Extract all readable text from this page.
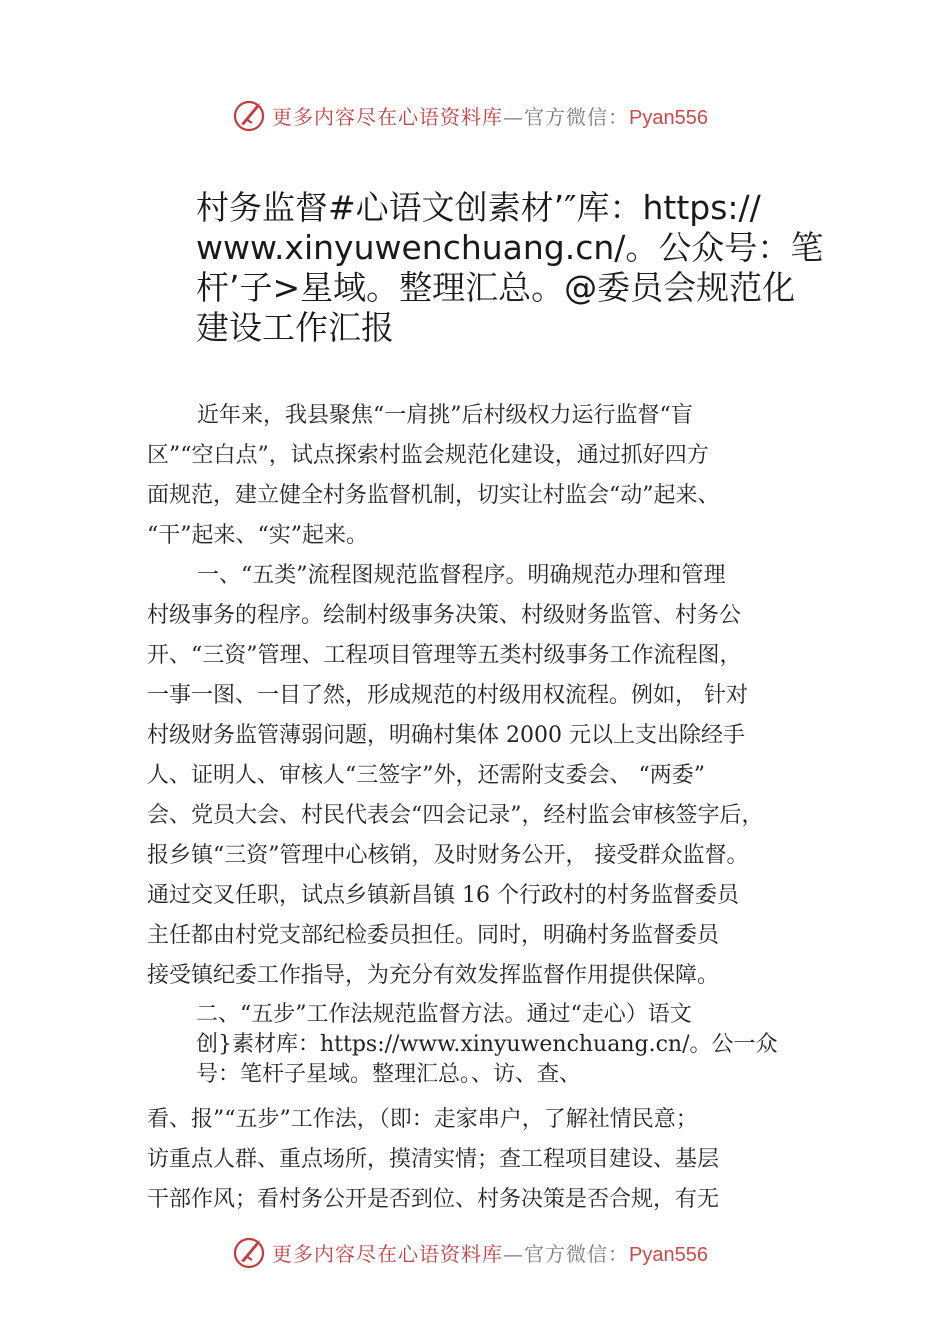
更多内容尽在心语资料库—官方微信：Pyan556
村务监督#心语文创素材’″库：https://
www.xinyuwenchuang.cn/。公众号：笔
杆’子>星域。整理汇总。@委员会规范化
建设工作汇报
近年来，我县聚焦“一肩挑”后村级权力运行监督“盲
区”“空白点”，试点探索村监会规范化建设，通过抓好四方
面规范，建立健全村务监督机制，切实让村监会“动”起来、
“干”起来、“实”起来。
一、“五类”流程图规范监督程序。明确规范办理和管理
村级事务的程序。绘制村级事务决策、村级财务监管、村务公
开、“三资”管理、工程项目管理等五类村级事务工作流程图，
一事一图、一目了然，形成规范的村级用权流程。例如， 针对
村级财务监管薄弱问题，明确村集体 2000 元以上支出除经手
人、证明人、审核人“三签字”外，还需附支委会、 “两委”
会、党员大会、村民代表会“四会记录”，经村监会审核签字后，
报乡镇“三资”管理中心核销，及时财务公开， 接受群众监督。
通过交叉任职，试点乡镇新昌镇 16 个行政村的村务监督委员
主任都由村党支部纪检委员担任。同时，明确村务监督委员
接受镇纪委工作指导，为充分有效发挥监督作用提供保障。
二、“五步”工作法规范监督方法。通过“走心）语文
创}素材库：https://www.xinyuwenchuang.cn/。公一众
号：笔杆子星域。整理汇总。、访、查、
看、报”“五步”工作法，（即：走家串户，了解社情民意；
访重点人群、重点场所，摸清实情；查工程项目建设、基层
干部作风；看村务公开是否到位、村务决策是否合规，有无
更多内容尽在心语资料库—官方微信：Pyan556
